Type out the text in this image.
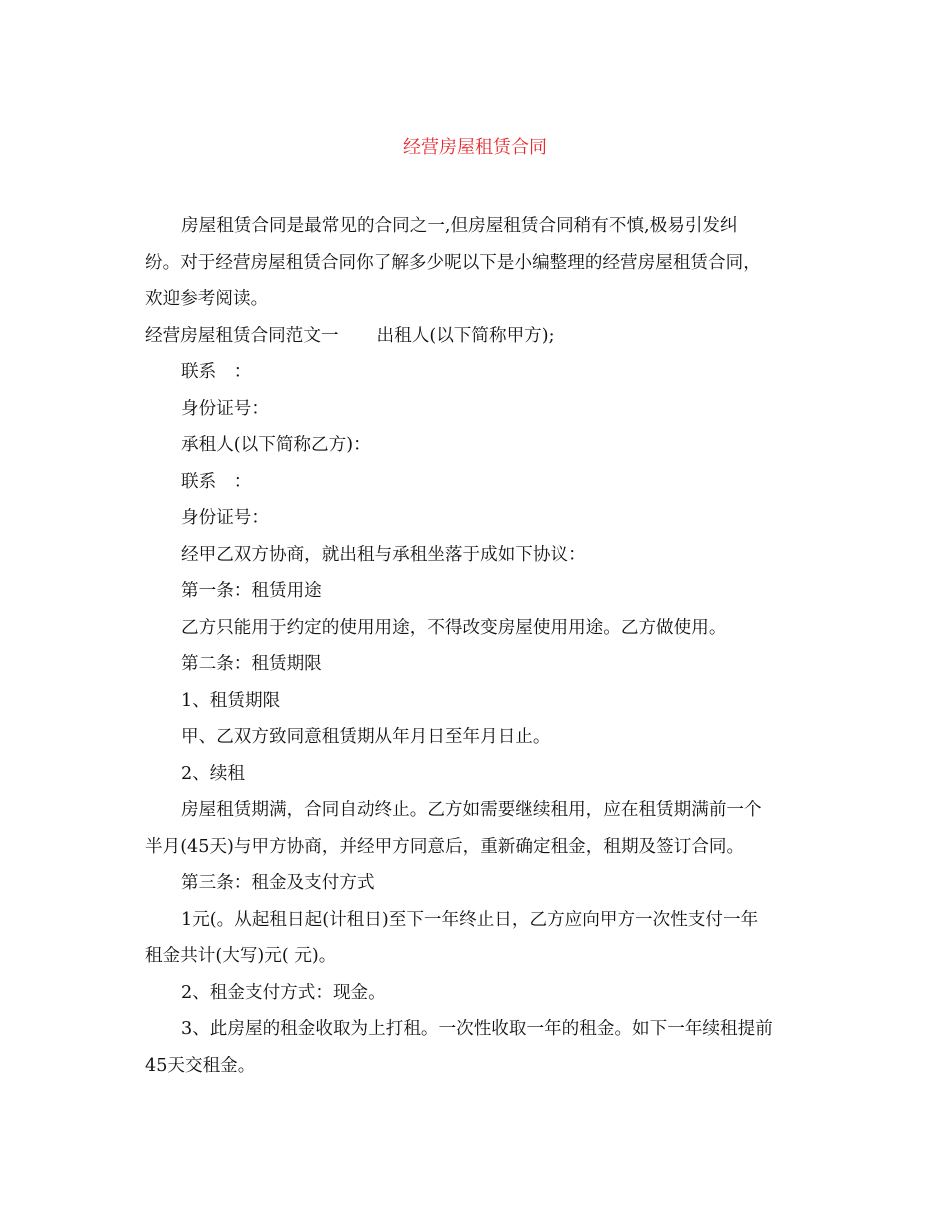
经营房屋租赁合同

房屋租赁合同是最常见的合同之一,但房屋租赁合同稍有不慎,极易引发纠

纷。对于经营房屋租赁合同你了解多少呢以下是小编整理的经营房屋租赁合同，

欢迎参考阅读。

经营房屋租赁合同范文一 出租人(以下简称甲方);

联系　：

身份证号：

承租人(以下简称乙方)：

联系　：

身份证号：

经甲乙双方协商，就出租与承租坐落于成如下协议：

第一条：租赁用途

乙方只能用于约定的使用用途，不得改变房屋使用用途。乙方做使用。

第二条：租赁期限

1、租赁期限

甲、乙双方致同意租赁期从年月日至年月日止。

2、续租

房屋租赁期满，合同自动终止。乙方如需要继续租用，应在租赁期满前一个

半月(45天)与甲方协商，并经甲方同意后，重新确定租金，租期及签订合同。

第三条：租金及支付方式

1元(。从起租日起(计租日)至下一年终止日，乙方应向甲方一次性支付一年

租金共计(大写)元( 元)。

2、租金支付方式：现金。

3、此房屋的租金收取为上打租。一次性收取一年的租金。如下一年续租提前

45天交租金。
